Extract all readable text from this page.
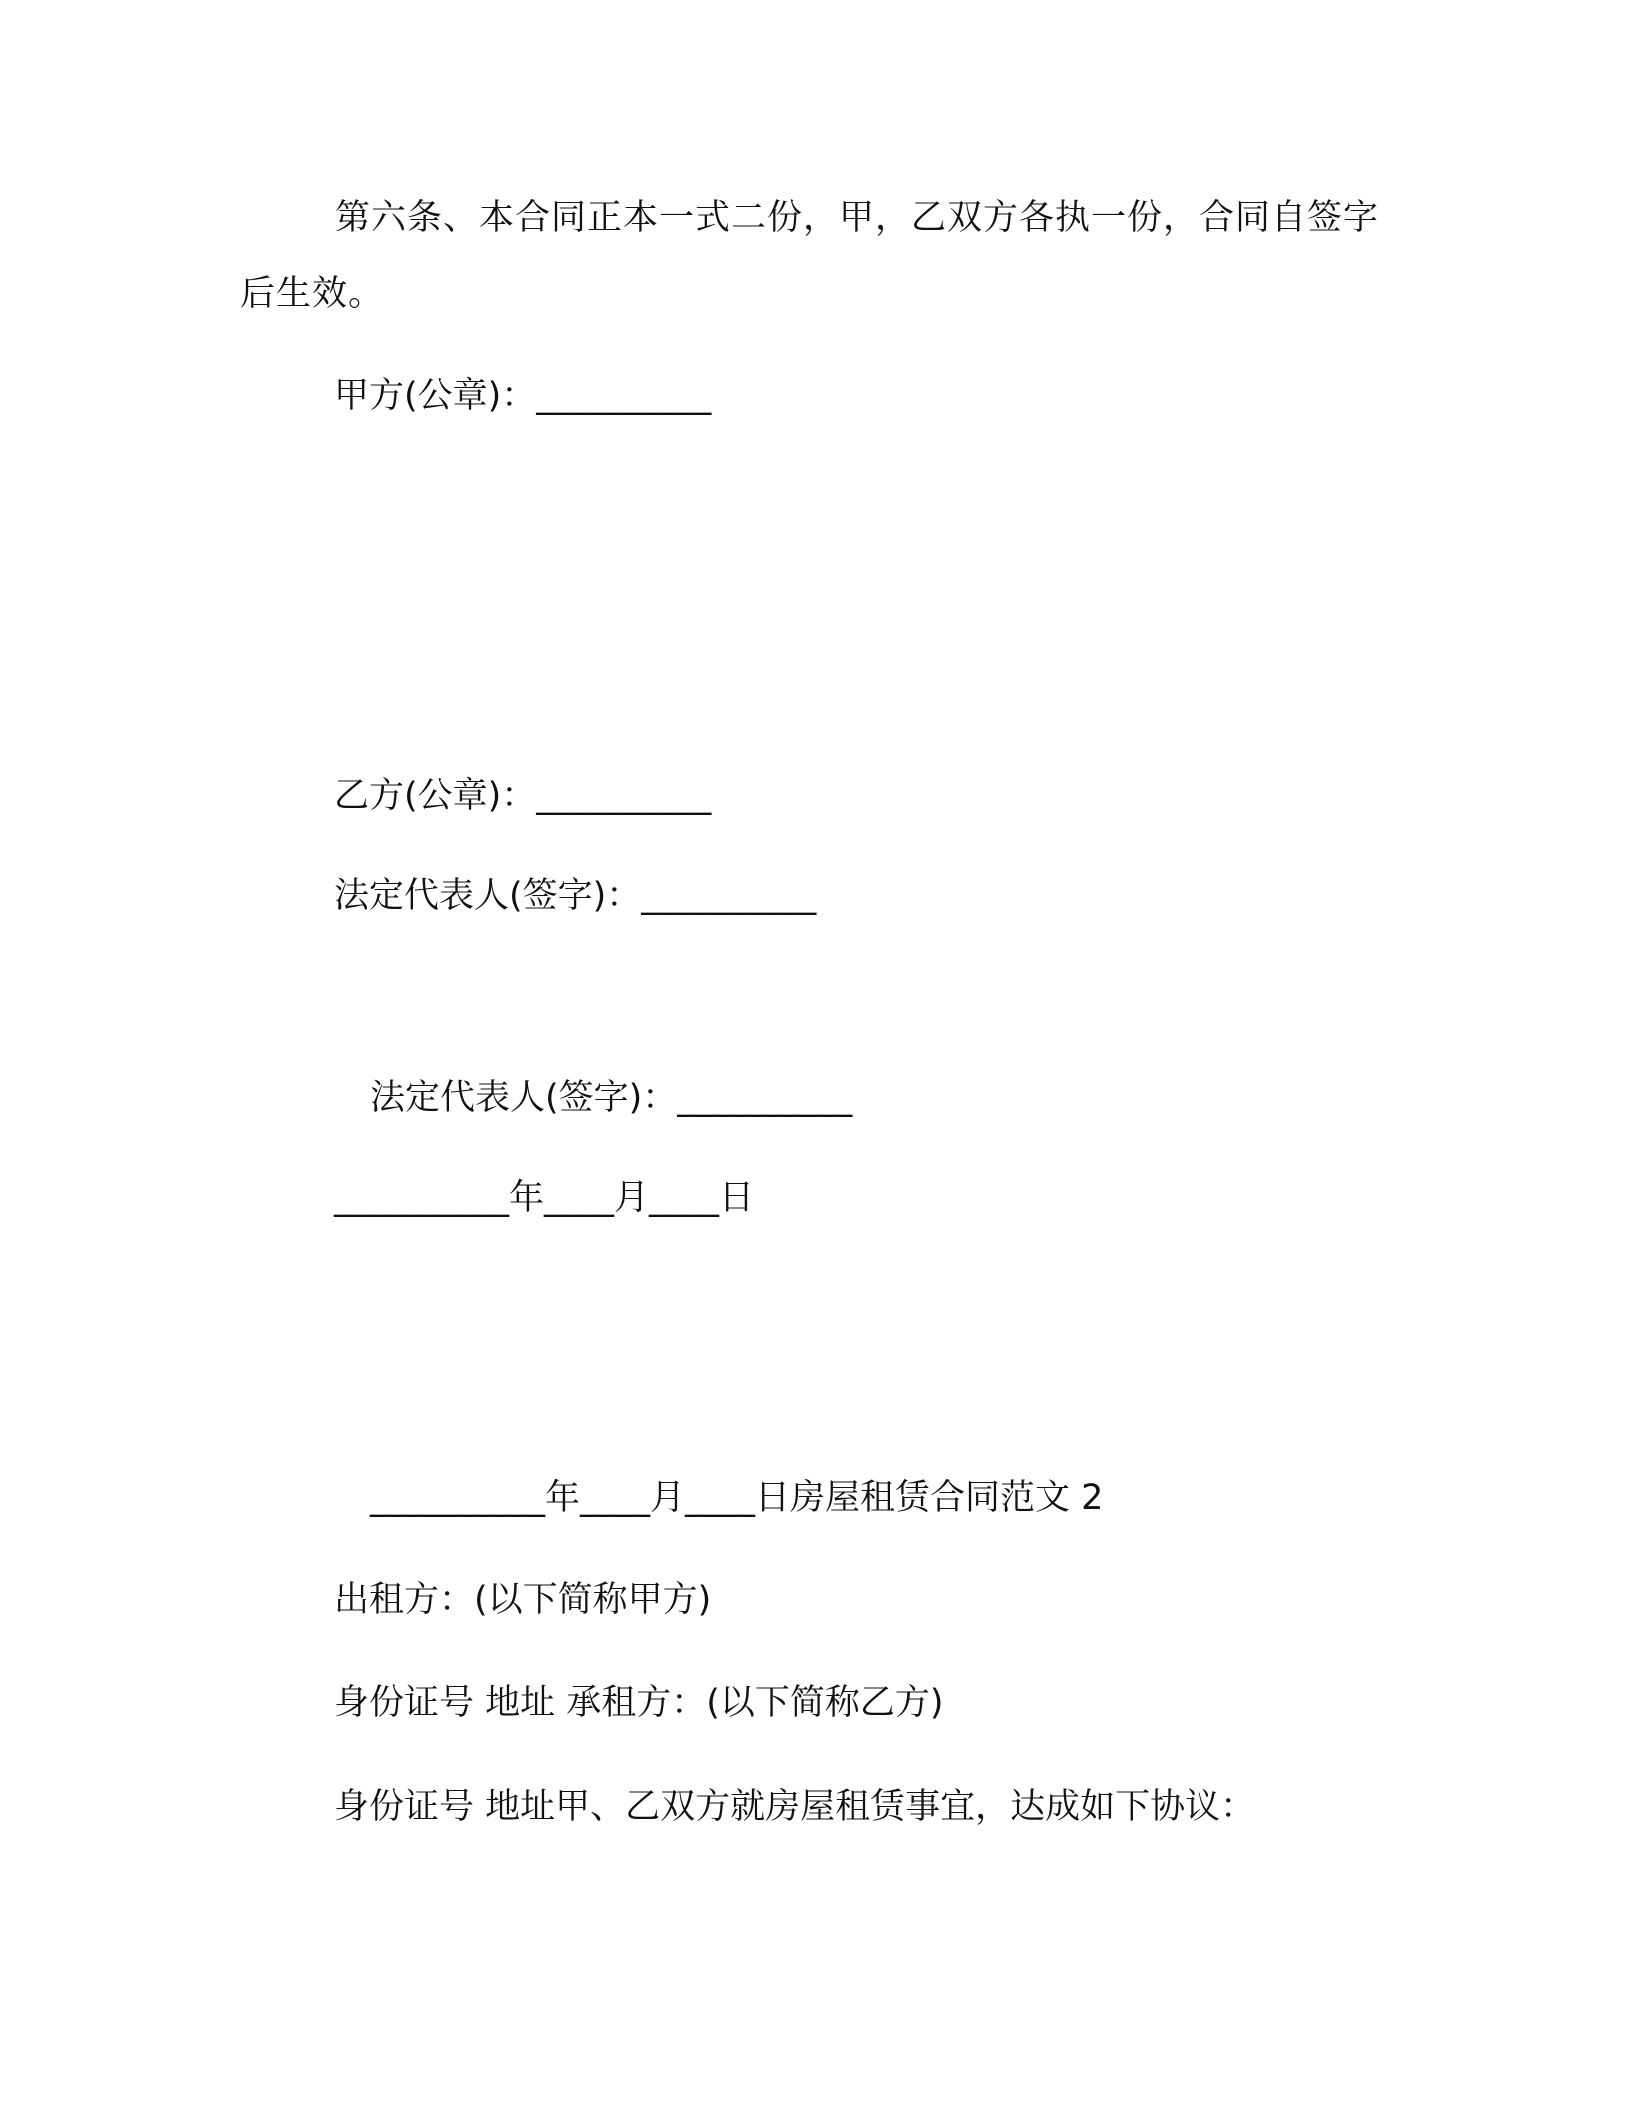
第六条、本合同正本一式二份，甲，乙双方各执一份，合同自签字后生效。
甲方(公章)：__________
乙方(公章)：__________
法定代表人(签字)：__________
法定代表人(签字)：__________
__________年____月____日
__________年____月____日房屋租赁合同范文 2
出租方：(以下简称甲方)
身份证号 地址 承租方：(以下简称乙方)
身份证号 地址甲、乙双方就房屋租赁事宜，达成如下协议：
